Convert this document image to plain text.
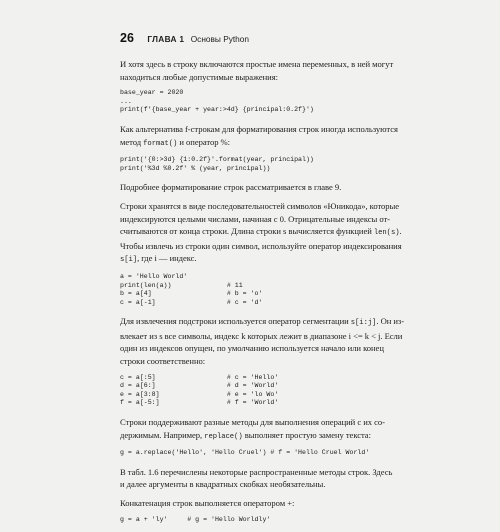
26 ГЛАВА 1 Основы Python
И хотя здесь в строку включаются простые имена переменных, в ней могут
находиться любые допустимые выражения:
base_year = 2020
...
print(f'{base_year + year:>4d} {principal:0.2f}')
Как альтернатива f-строкам для форматирования строк иногда используются
метод format() и оператор %:
print('{0:>3d} {1:0.2f}'.format(year, principal))
print('%3d %0.2f' % (year, principal))
Подробнее форматирование строк рассматривается в главе 9.
Строки хранятся в виде последовательностей символов «Юникода», которые
индексируются целыми числами, начиная с 0. Отрицательные индексы от-
считываются от конца строки. Длина строки s вычисляется функцией len(s).
Чтобы извлечь из строки один символ, используйте оператор индексирования
s[i], где i — индекс.
a = 'Hello World'
print(len(a))              # 11
b = a[4]                   # b = 'o'
c = a[-1]                  # c = 'd'
Для извлечения подстроки используется оператор сегментации s[i:j]. Он из-
влекает из s все символы, индекс k которых лежит в диапазоне i <= k < j. Если
один из индексов опущен, по умолчанию используется начало или конец
строки соответственно:
c = a[:5]                  # c = 'Hello'
d = a[6:]                  # d = 'World'
e = a[3:8]                 # e = 'lo Wo'
f = a[-5:]                 # f = 'World'
Строки поддерживают разные методы для выполнения операций с их со-
держимым. Например, replace() выполняет простую замену текста:
g = a.replace('Hello', 'Hello Cruel') # f = 'Hello Cruel World'
В табл. 1.6 перечислены некоторые распространенные методы строк. Здесь
и далее аргументы в квадратных скобках необязательны.
Конкатенация строк выполняется оператором +:
g = a + 'ly'     # g = 'Hello Worldly'
